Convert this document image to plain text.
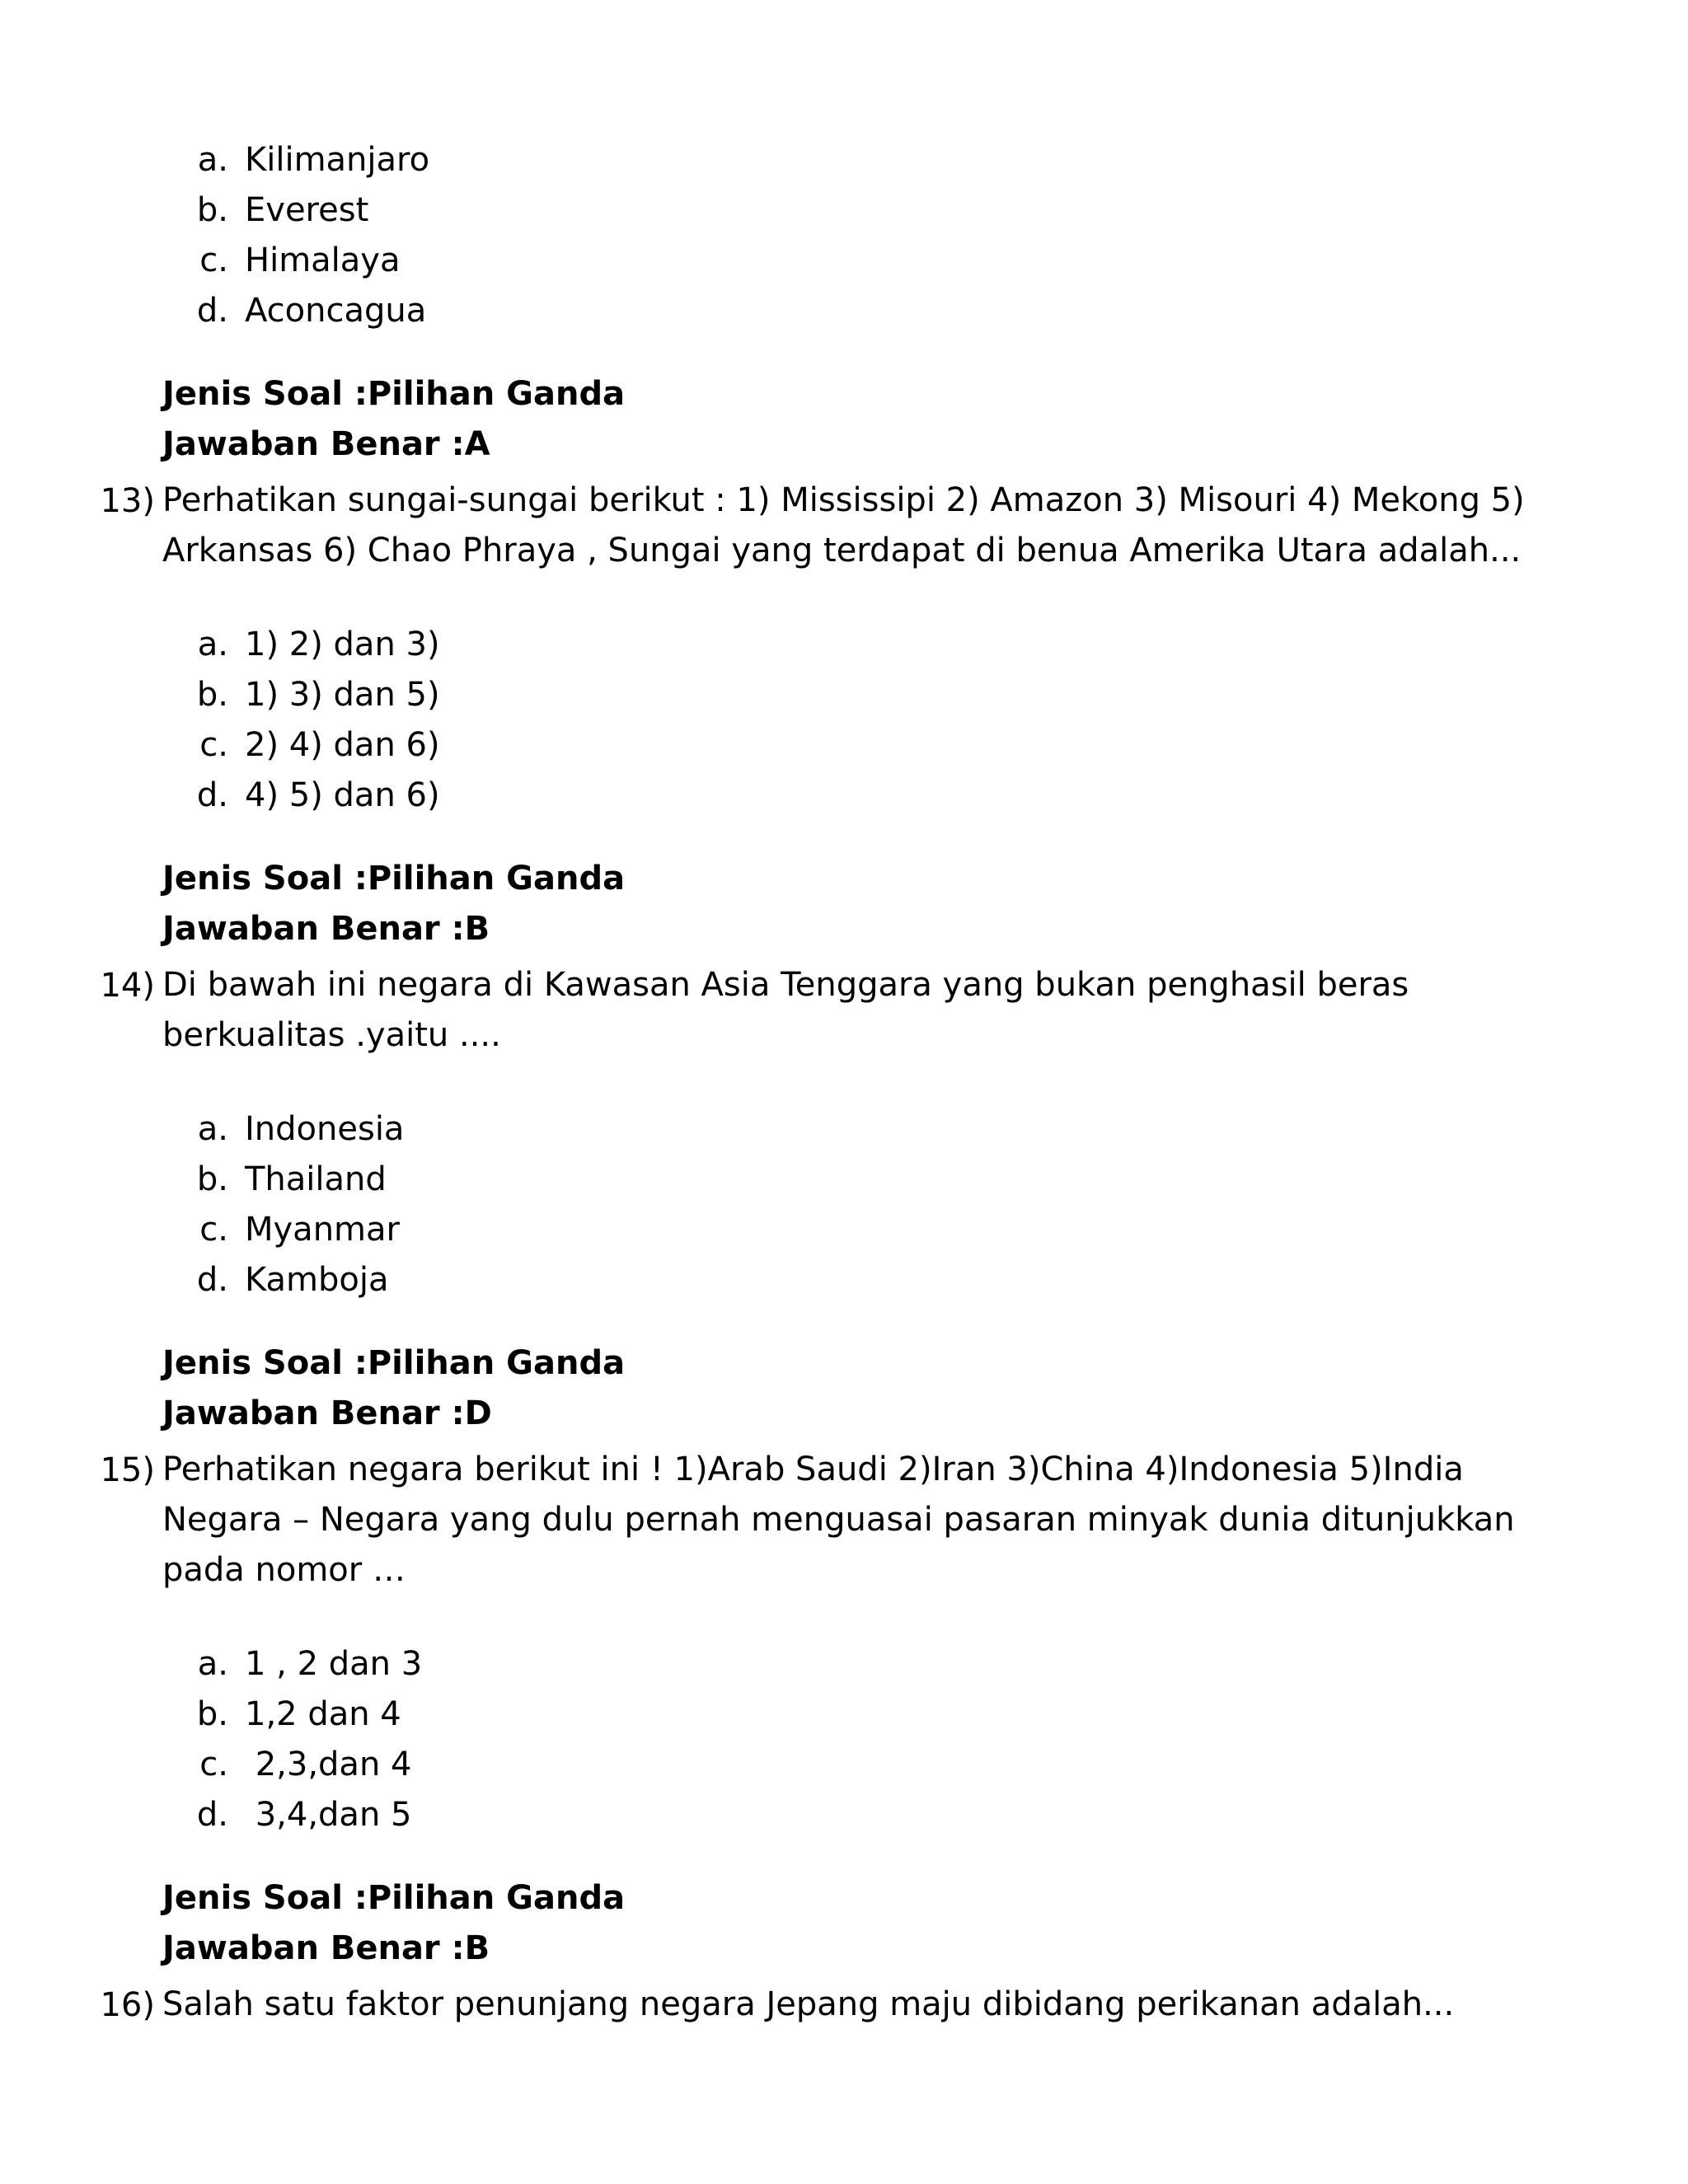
a. Kilimanjaro
b. Everest
c. Himalaya
d. Aconcagua
Jenis Soal :Pilihan Ganda
Jawaban Benar :A
13) Perhatikan sungai-sungai berikut : 1) Mississipi 2) Amazon 3) Misouri 4) Mekong 5) Arkansas 6) Chao Phraya , Sungai yang terdapat di benua Amerika Utara adalah...
a. 1) 2) dan 3)
b. 1) 3) dan 5)
c. 2) 4) dan 6)
d. 4) 5) dan 6)
Jenis Soal :Pilihan Ganda
Jawaban Benar :B
14) Di bawah ini negara di Kawasan Asia Tenggara yang bukan penghasil beras berkualitas .yaitu ....
a. Indonesia
b. Thailand
c. Myanmar
d. Kamboja
Jenis Soal :Pilihan Ganda
Jawaban Benar :D
15) Perhatikan negara berikut ini ! 1)Arab Saudi 2)Iran 3)China 4)Indonesia 5)India Negara – Negara yang dulu pernah menguasai pasaran minyak dunia ditunjukkan pada nomor …
a. 1 , 2 dan 3
b. 1,2 dan 4
c. 2,3,dan 4
d. 3,4,dan 5
Jenis Soal :Pilihan Ganda
Jawaban Benar :B
16) Salah satu faktor penunjang negara Jepang maju dibidang perikanan adalah...
